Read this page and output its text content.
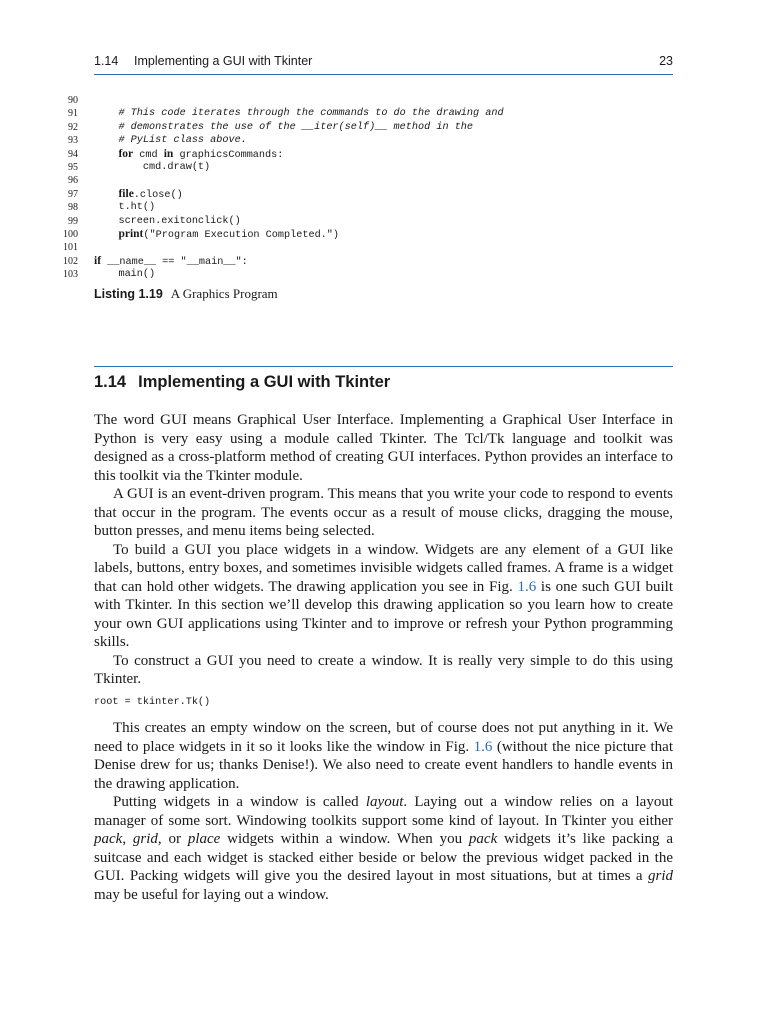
1.14 Implementing a GUI with Tkinter	23
90
91 # This code iterates through the commands to do the drawing and
92 # demonstrates the use of the __iter(self)__ method in the
93 # PyList class above.
94	for cmd in graphicsCommands:
95 cmd.draw(t)
96
97	file.close()
98 t.ht()
99 screen.exitonclick()
100	print("Program Execution Completed.")
101
102 if __name__ == "__main__":
103 main()
Listing 1.19 A Graphics Program
1.14 Implementing a GUI with Tkinter

The word GUI means Graphical User Interface. Implementing a Graphical User Interface in Python is very easy using a module called Tkinter. The Tcl/Tk language and toolkit was designed as a cross-platform method of creating GUI interfaces. Python provides an interface to this toolkit via the Tkinter module.

A GUI is an event-driven program. This means that you write your code to respond to events that occur in the program. The events occur as a result of mouse clicks, dragging the mouse, button presses, and menu items being selected.

To build a GUI you place widgets in a window. Widgets are any element of a GUI like labels, buttons, entry boxes, and sometimes invisible widgets called frames. A frame is a widget that can hold other widgets. The drawing application you see in Fig. 1.6 is one such GUI built with Tkinter. In this section we’ll develop this drawing application so you learn how to create your own GUI applications using Tkinter and to improve or refresh your Python programming skills.

To construct a GUI you need to create a window. It is really very simple to do this using Tkinter.

root = tkinter.Tk()

This creates an empty window on the screen, but of course does not put anything in it. We need to place widgets in it so it looks like the window in Fig. 1.6 (without the nice picture that Denise drew for us; thanks Denise!). We also need to create event handlers to handle events in the drawing application.

Putting widgets in a window is called layout. Laying out a window relies on a layout manager of some sort. Windowing toolkits support some kind of layout. In Tkinter you either pack, grid, or place widgets within a window. When you pack widgets it’s like packing a suitcase and each widget is stacked either beside or below the previous widget packed in the GUI. Packing widgets will give you the desired layout in most situations, but at times a grid may be useful for laying out a window.
